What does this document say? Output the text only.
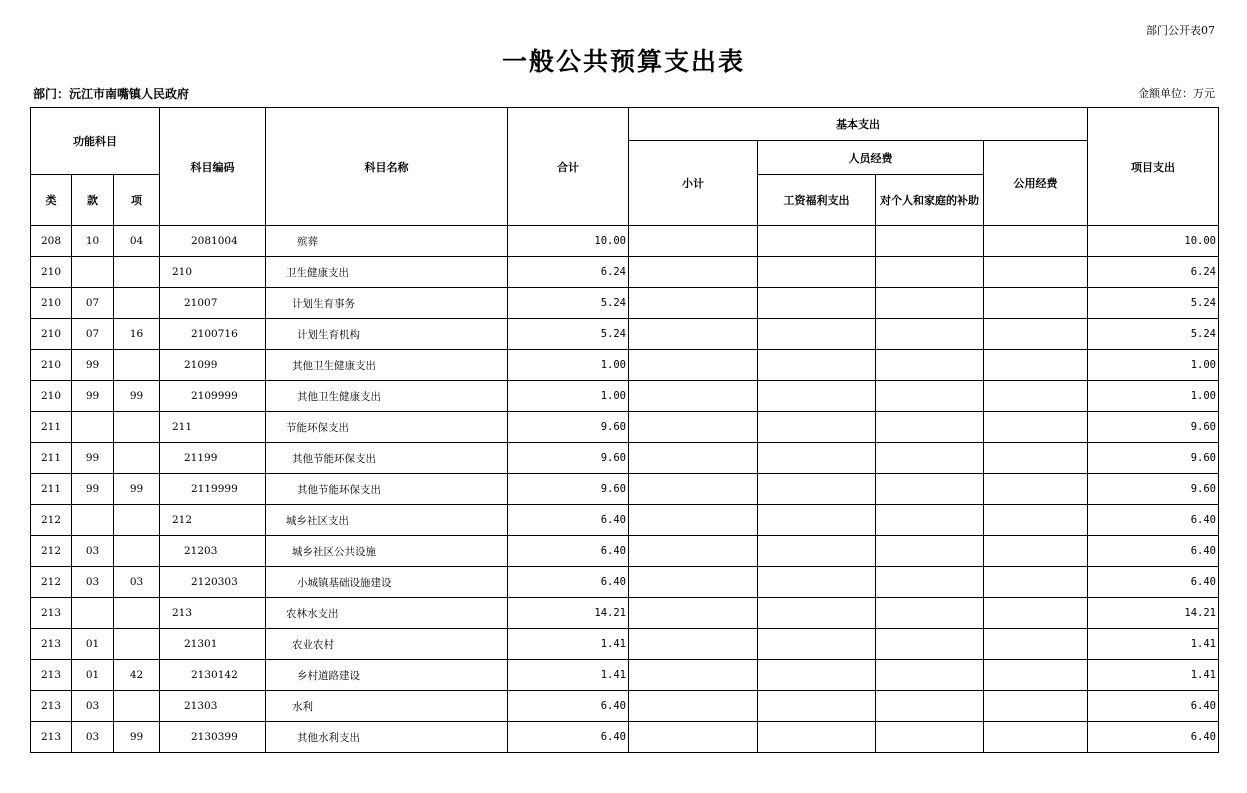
部门公开表07
一般公共预算支出表
部门：沅江市南嘴镇人民政府	金额单位：万元
功能科目			科目编码	科目名称	合计	基本支出				项目支出
						小计	人员经费		公用经费	
类	款	项					工资福利支出	对个人和家庭的补助		
208	10	04	2081004	殡葬	10.00					10.00
210			210	卫生健康支出	6.24					6.24
210	07		21007	计划生育事务	5.24					5.24
210	07	16	2100716	计划生育机构	5.24					5.24
210	99		21099	其他卫生健康支出	1.00					1.00
210	99	99	2109999	其他卫生健康支出	1.00					1.00
211			211	节能环保支出	9.60					9.60
211	99		21199	其他节能环保支出	9.60					9.60
211	99	99	2119999	其他节能环保支出	9.60					9.60
212			212	城乡社区支出	6.40					6.40
212	03		21203	城乡社区公共设施	6.40					6.40
212	03	03	2120303	小城镇基础设施建设	6.40					6.40
213			213	农林水支出	14.21					14.21
213	01		21301	农业农村	1.41					1.41
213	01	42	2130142	乡村道路建设	1.41					1.41
213	03		21303	水利	6.40					6.40
213	03	99	2130399	其他水利支出	6.40					6.40
